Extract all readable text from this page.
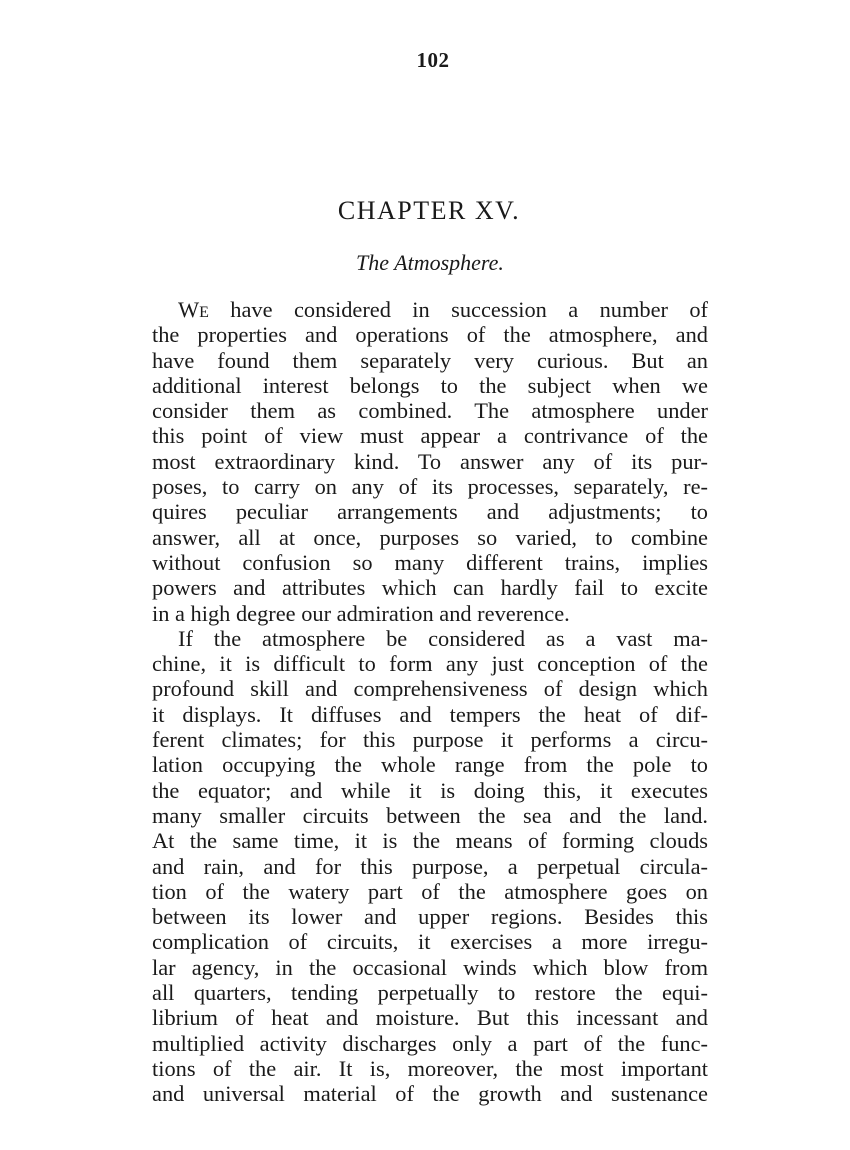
102
CHAPTER XV.
The Atmosphere.
We have considered in succession a number of
the properties and operations of the atmosphere, and
have found them separately very curious. But an
additional interest belongs to the subject when we
consider them as combined. The atmosphere under
this point of view must appear a contrivance of the
most extraordinary kind. To answer any of its pur-
poses, to carry on any of its processes, separately, re-
quires peculiar arrangements and adjustments; to
answer, all at once, purposes so varied, to combine
without confusion so many different trains, implies
powers and attributes which can hardly fail to excite
in a high degree our admiration and reverence.
If the atmosphere be considered as a vast ma-
chine, it is difficult to form any just conception of the
profound skill and comprehensiveness of design which
it displays. It diffuses and tempers the heat of dif-
ferent climates; for this purpose it performs a circu-
lation occupying the whole range from the pole to
the equator; and while it is doing this, it executes
many smaller circuits between the sea and the land.
At the same time, it is the means of forming clouds
and rain, and for this purpose, a perpetual circula-
tion of the watery part of the atmosphere goes on
between its lower and upper regions. Besides this
complication of circuits, it exercises a more irregu-
lar agency, in the occasional winds which blow from
all quarters, tending perpetually to restore the equi-
librium of heat and moisture. But this incessant and
multiplied activity discharges only a part of the func-
tions of the air. It is, moreover, the most important
and universal material of the growth and sustenance
